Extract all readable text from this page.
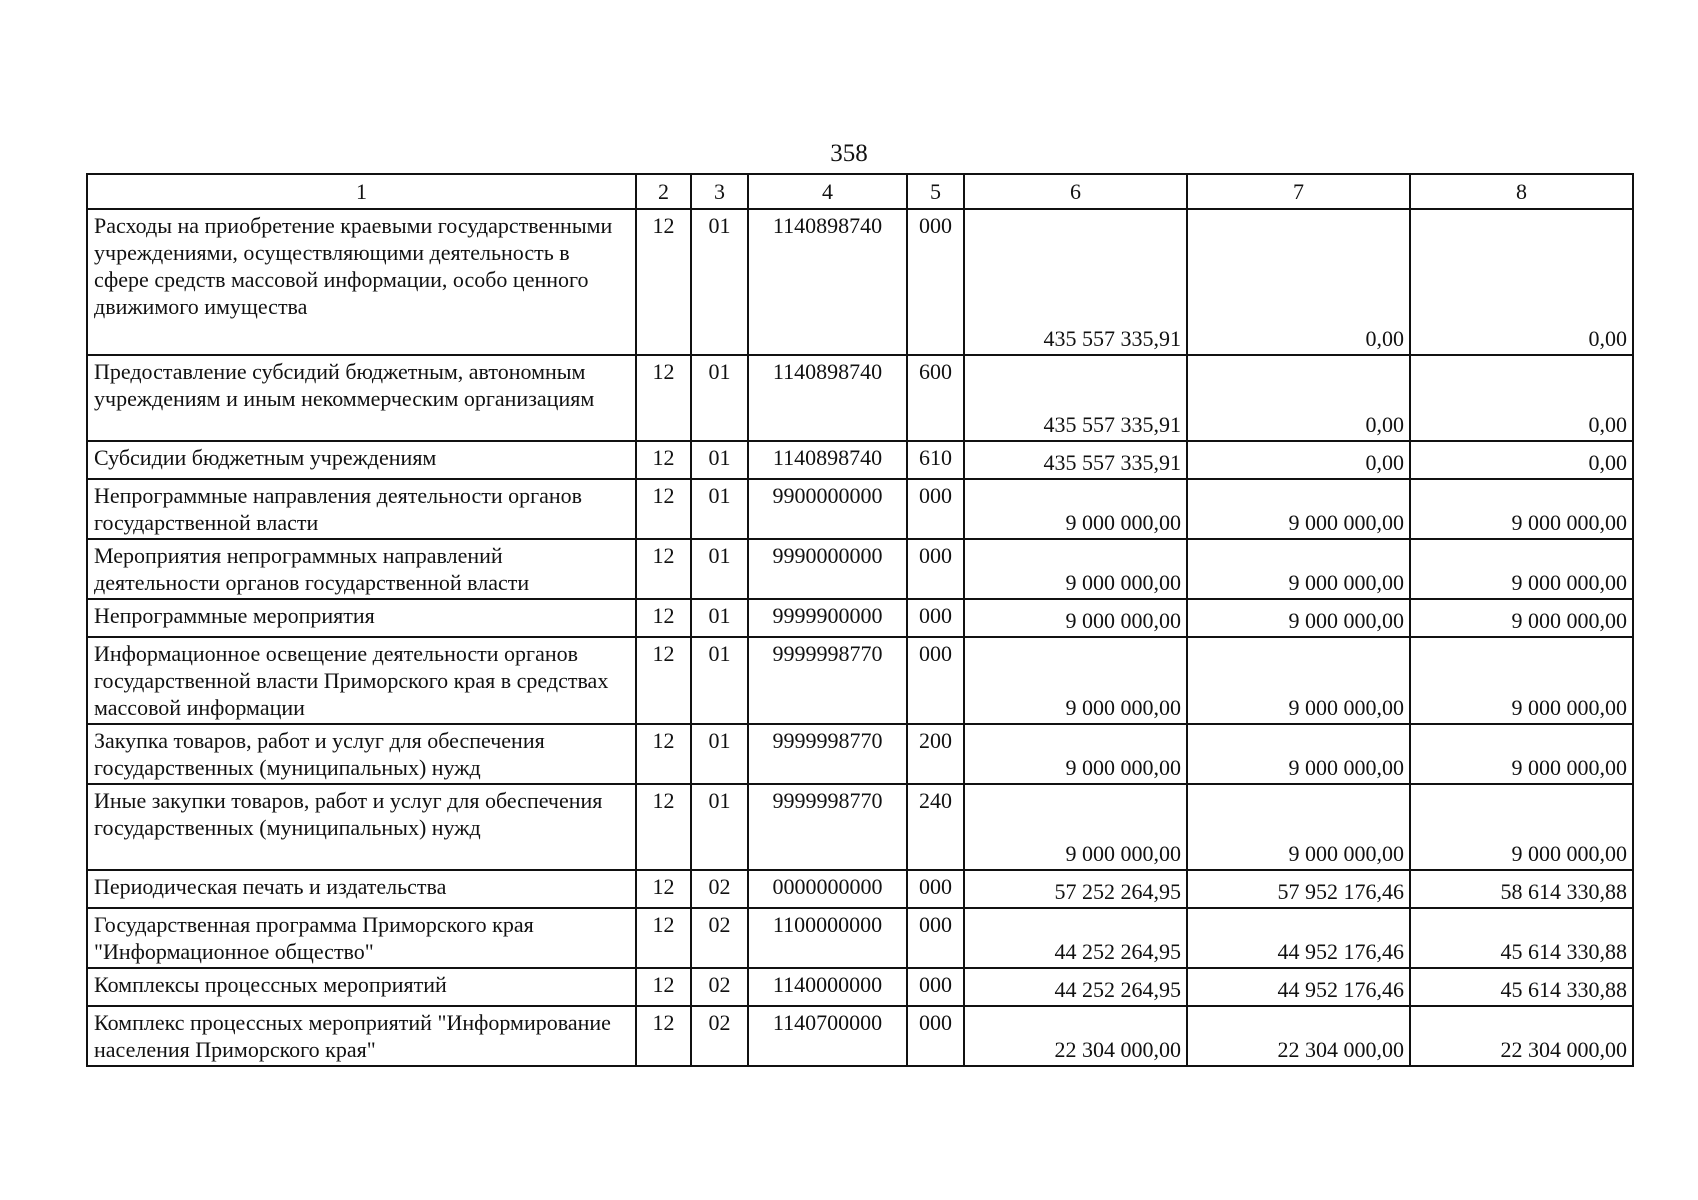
358
1	2	3	4	5	6	7	8
Расходы на приобретение краевыми государственными учреждениями, осуществляющими деятельность в сфере средств массовой информации, особо ценного движимого имущества	12	01	1140898740	000	435 557 335,91	0,00	0,00
Предоставление субсидий бюджетным, автономным учреждениям и иным некоммерческим организациям	12	01	1140898740	600	435 557 335,91	0,00	0,00
Субсидии бюджетным учреждениям	12	01	1140898740	610	435 557 335,91	0,00	0,00
Непрограммные направления деятельности органов государственной власти	12	01	9900000000	000	9 000 000,00	9 000 000,00	9 000 000,00
Мероприятия непрограммных направлений деятельности органов государственной власти	12	01	9990000000	000	9 000 000,00	9 000 000,00	9 000 000,00
Непрограммные мероприятия	12	01	9999900000	000	9 000 000,00	9 000 000,00	9 000 000,00
Информационное освещение деятельности органов государственной власти Приморского края в средствах массовой информации	12	01	9999998770	000	9 000 000,00	9 000 000,00	9 000 000,00
Закупка товаров, работ и услуг для обеспечения государственных (муниципальных) нужд	12	01	9999998770	200	9 000 000,00	9 000 000,00	9 000 000,00
Иные закупки товаров, работ и услуг для обеспечения государственных (муниципальных) нужд	12	01	9999998770	240	9 000 000,00	9 000 000,00	9 000 000,00
Периодическая печать и издательства	12	02	0000000000	000	57 252 264,95	57 952 176,46	58 614 330,88
Государственная программа Приморского края "Информационное общество"	12	02	1100000000	000	44 252 264,95	44 952 176,46	45 614 330,88
Комплексы процессных мероприятий	12	02	1140000000	000	44 252 264,95	44 952 176,46	45 614 330,88
Комплекс процессных мероприятий "Информирование населения Приморского края"	12	02	1140700000	000	22 304 000,00	22 304 000,00	22 304 000,00
